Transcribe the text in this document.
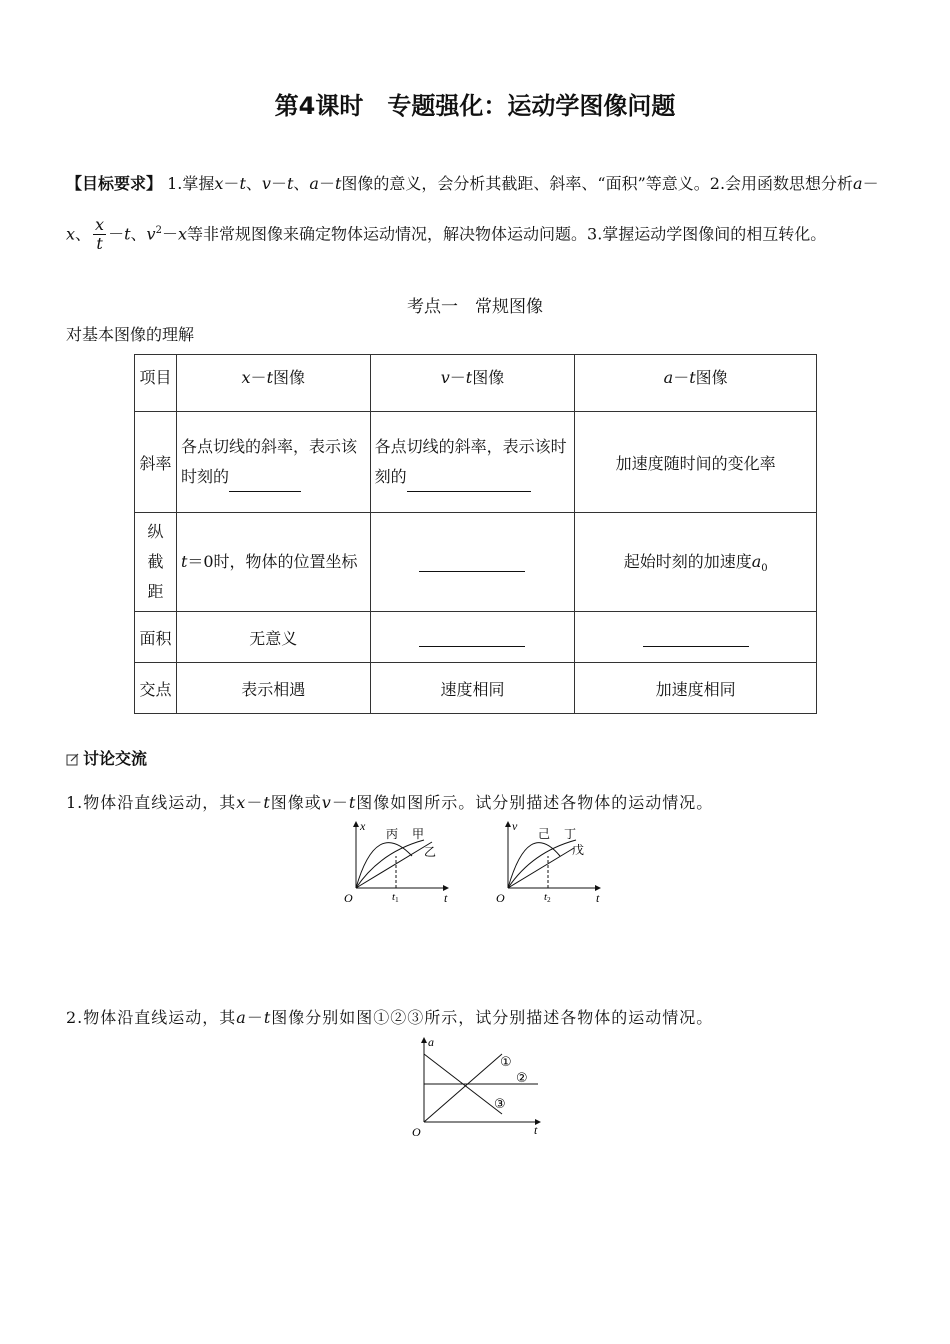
第4课时　专题强化：运动学图像问题
【目标要求】 1.掌握x－t、v－t、a－t图像的意义，会分析其截距、斜率、“面积”等意义。2.会用函数思想分析a－x、 $\frac{x}{t} -t$、$v^2-x$等非常规图像来确定物体运动情况，解决物体运动问题。3.掌握运动学图像间的相互转化。
考点一　常规图像
对基本图像的理解
项目	x－t图像	v－t图像	a－t图像
斜率	各点切线的斜率，表示该时刻的	各点切线的斜率，表示该时刻的	加速度随时间的变化率
纵
截
距	t＝0时，物体的位置坐标		起始时刻的加速度$a_0$
面积	无意义		
交点	表示相遇	速度相同	加速度相同
讨论交流
1.物体沿直线运动，其x－t图像或v－t图像如图所示。试分别描述各物体的运动情况。
x
t
O	t1
丙 甲
乙
v
t
O	t2
己 丁
戊
2.物体沿直线运动，其a－t图像分别如图①②③所示，试分别描述各物体的运动情况。
a
t
O
①
②
③
